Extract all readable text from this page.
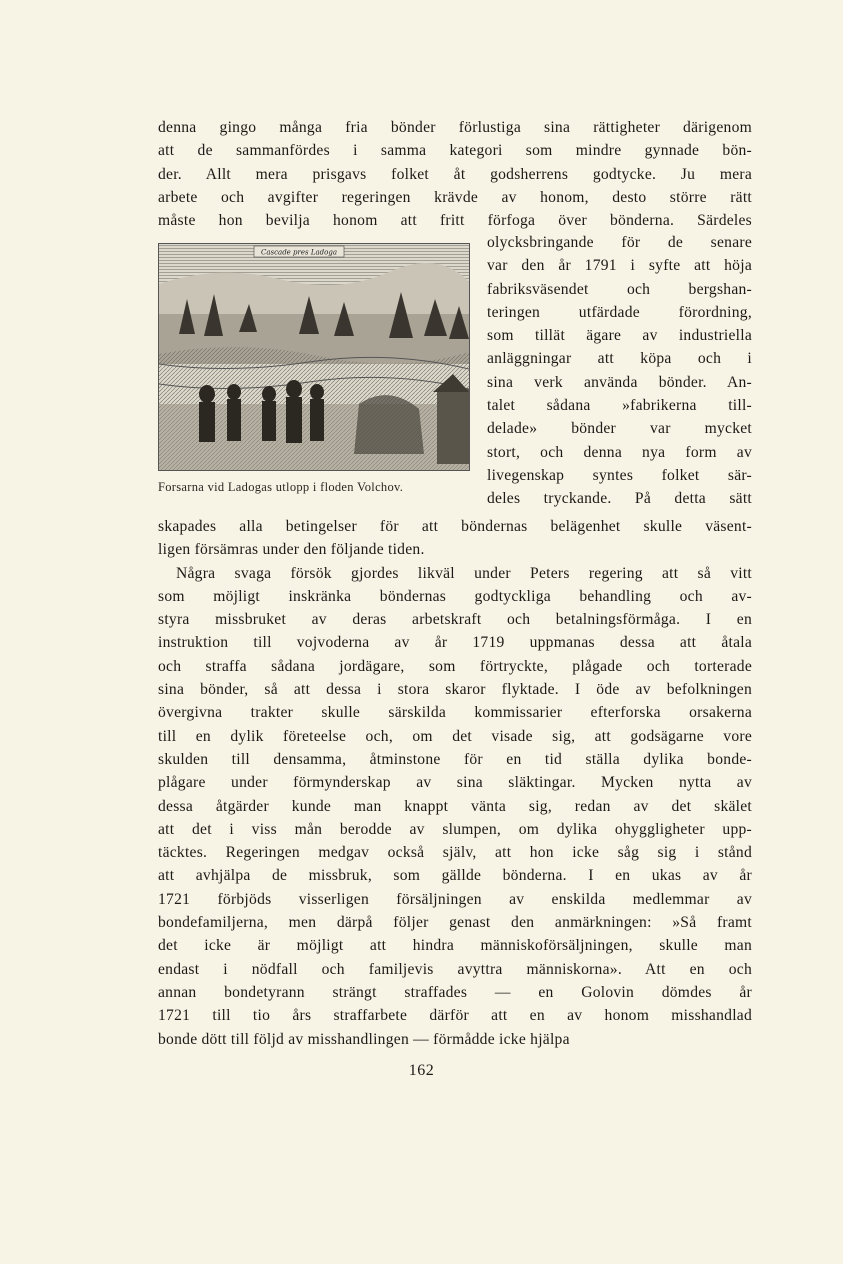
denna gingo många fria bönder förlustiga sina rättigheter därigenom
att de sammanfördes i samma kategori som mindre gynnade bön-
der. Allt mera prisgavs folket åt godsherrens godtycke. Ju mera
arbete och avgifter regeringen krävde av honom, desto större rätt
måste hon bevilja honom att fritt förfoga över bönderna. Särdeles
Cascade pres Ladoga
olycksbringande för de senare
var den år 1791 i syfte att höja
fabriksväsendet och bergshan-
teringen utfärdade förordning,
som tillät ägare av industriella
anläggningar att köpa och i
sina verk använda bönder. An-
talet sådana »fabrikerna till-
delade» bönder var mycket
stort, och denna nya form av
livegenskap syntes folket sär-
deles tryckande. På detta sätt
Forsarna vid Ladogas utlopp i floden Volchov.
skapades alla betingelser för att böndernas belägenhet skulle väsent-
ligen försämras under den följande tiden.
Några svaga försök gjordes likväl under Peters regering att så vitt
som möjligt inskränka böndernas godtyckliga behandling och av-
styra missbruket av deras arbetskraft och betalningsförmåga. I en
instruktion till vojvoderna av år 1719 uppmanas dessa att åtala
och straffa sådana jordägare, som förtryckte, plågade och torterade
sina bönder, så att dessa i stora skaror flyktade. I öde av befolkningen
övergivna trakter skulle särskilda kommissarier efterforska orsakerna
till en dylik företeelse och, om det visade sig, att godsägarne vore
skulden till densamma, åtminstone för en tid ställa dylika bonde-
plågare under förmynderskap av sina släktingar. Mycken nytta av
dessa åtgärder kunde man knappt vänta sig, redan av det skälet
att det i viss mån berodde av slumpen, om dylika ohyggligheter upp-
täcktes. Regeringen medgav också själv, att hon icke såg sig i stånd
att avhjälpa de missbruk, som gällde bönderna. I en ukas av år
1721 förbjöds visserligen försäljningen av enskilda medlemmar av
bondefamiljerna, men därpå följer genast den anmärkningen: »Så framt
det icke är möjligt att hindra människoförsäljningen, skulle man
endast i nödfall och familjevis avyttra människorna». Att en och
annan bondetyrann strängt straffades — en Golovin dömdes år
1721 till tio års straffarbete därför att en av honom misshandlad
bonde dött till följd av misshandlingen — förmådde icke hjälpa
162
